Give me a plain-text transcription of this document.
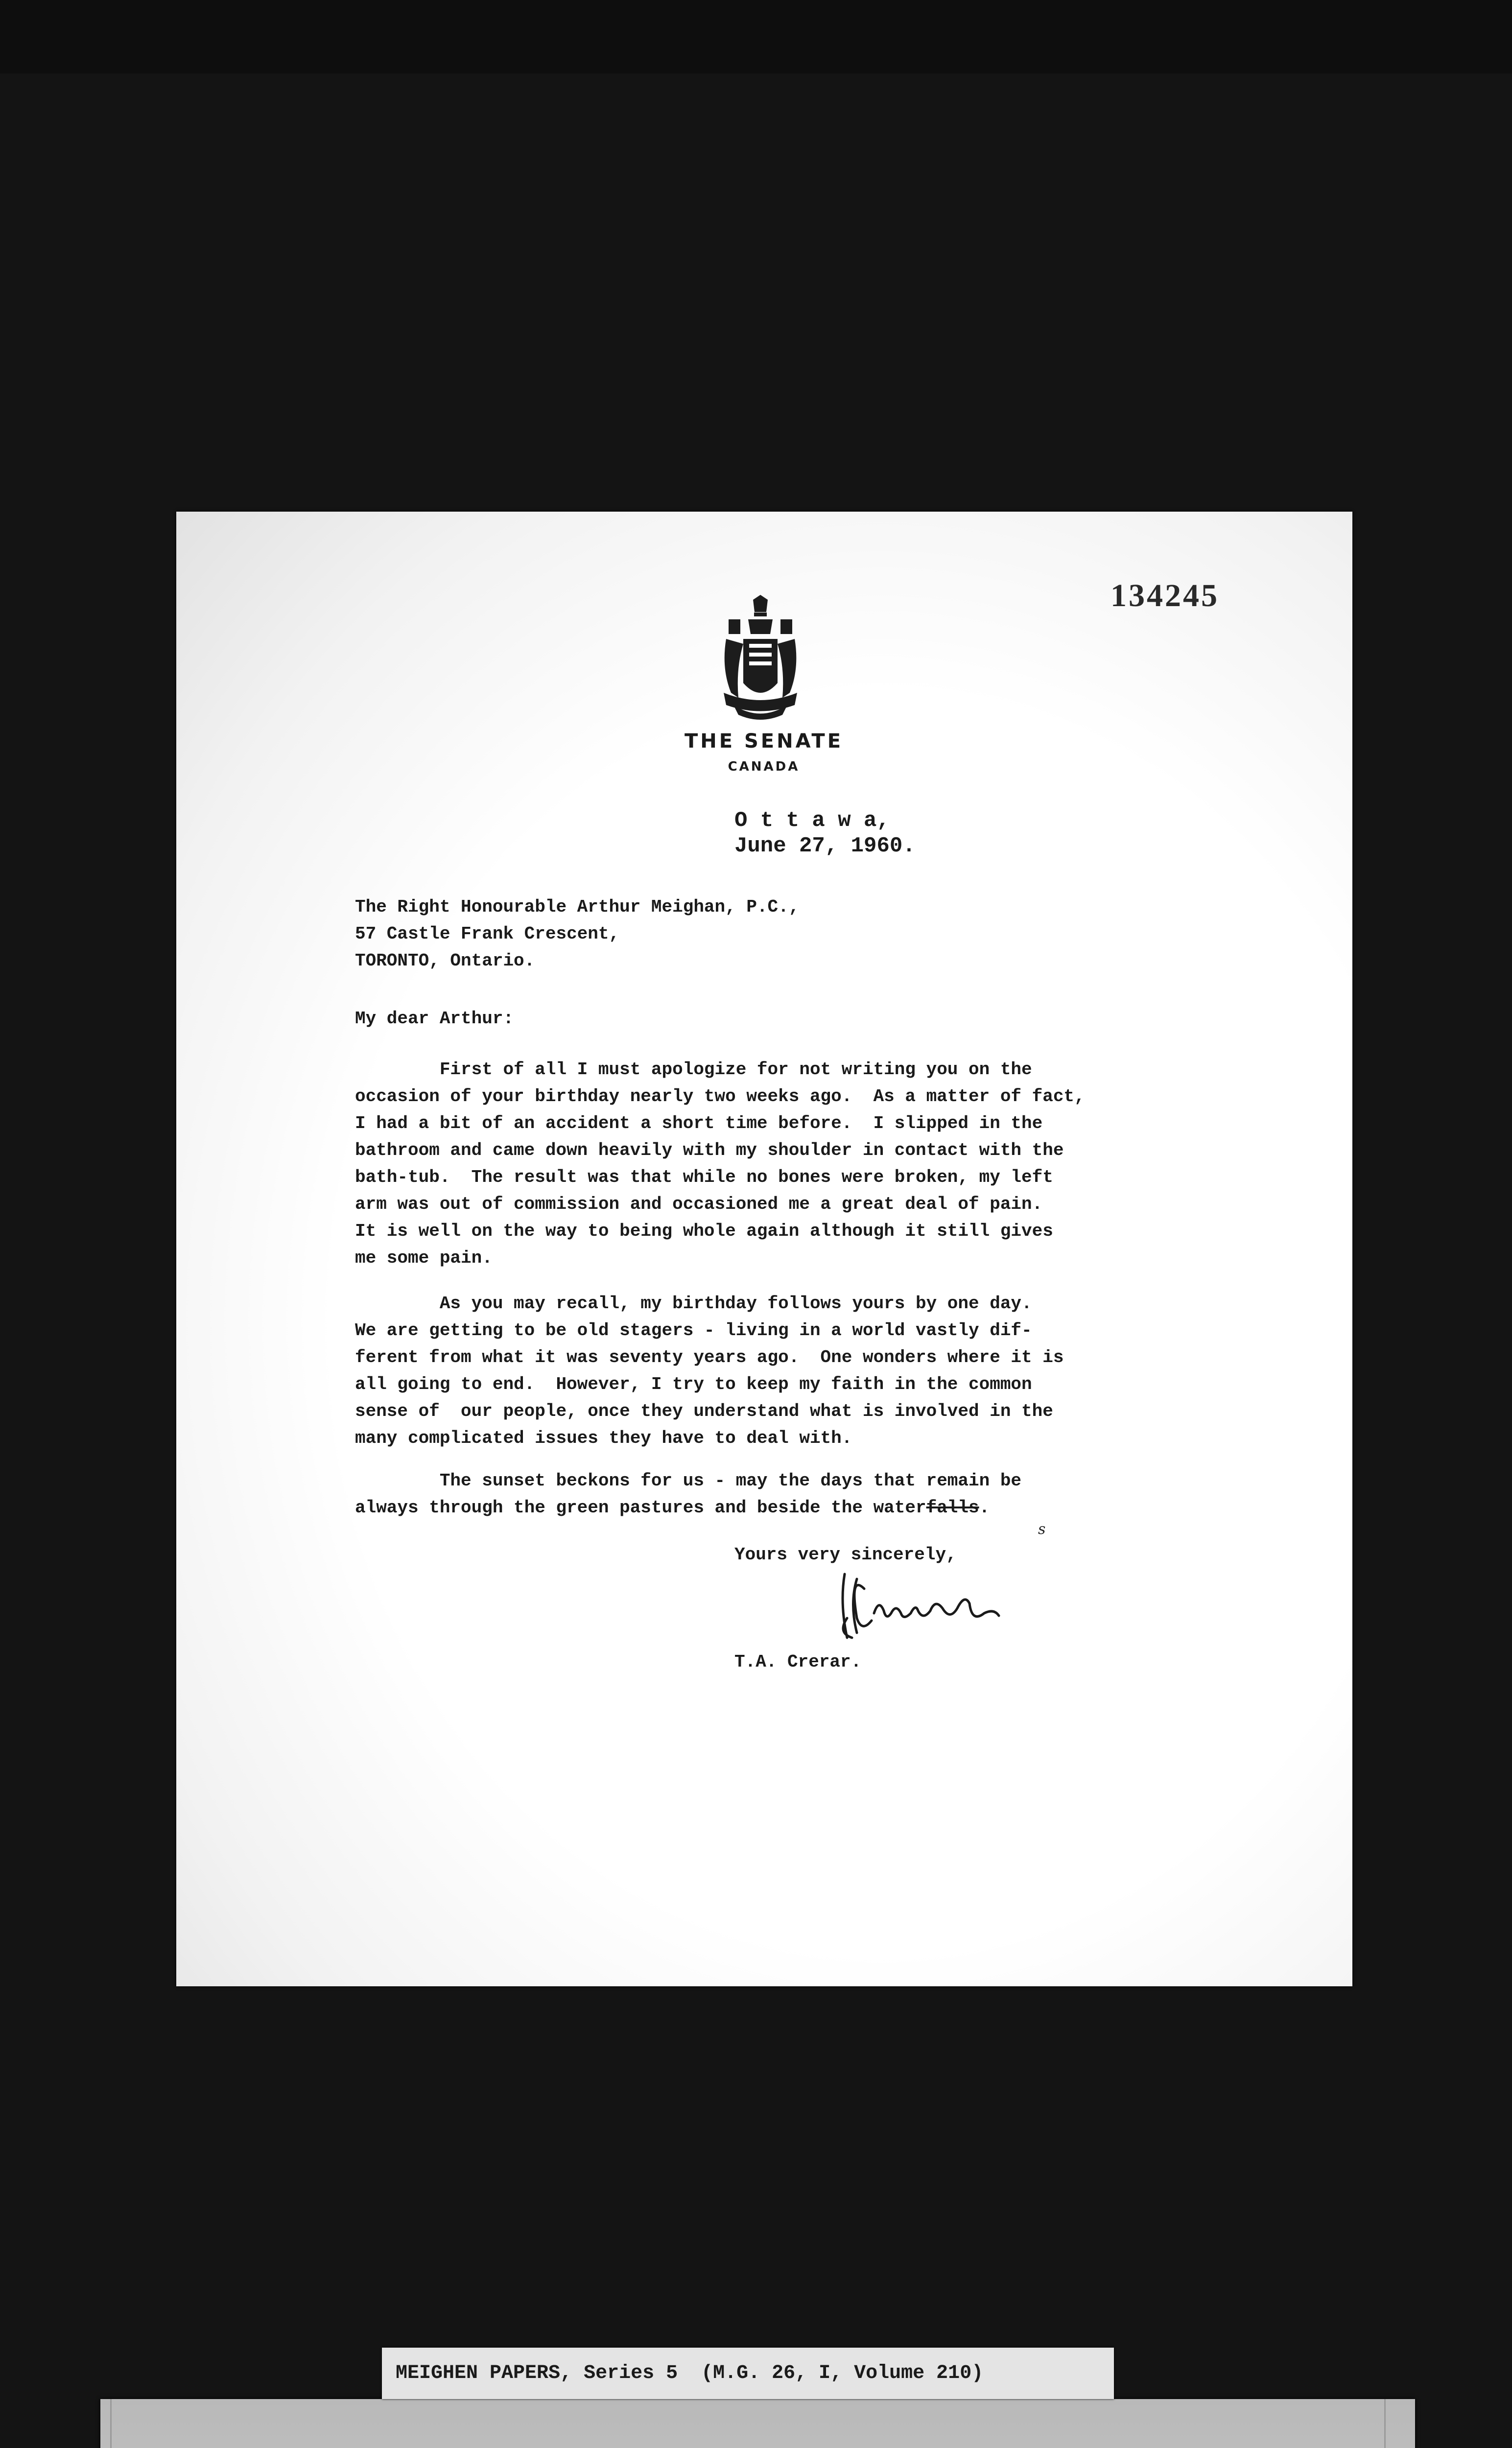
134245
THE SENATE
CANADA
O t t a w a,
June 27, 1960.
The Right Honourable Arthur Meighan, P.C.,
57 Castle Frank Crescent,
TORONTO, Ontario.
My dear Arthur:
First of all I must apologize for not writing you on the
occasion of your birthday nearly two weeks ago.  As a matter of fact,
I had a bit of an accident a short time before.  I slipped in the
bathroom and came down heavily with my shoulder in contact with the
bath-tub.  The result was that while no bones were broken, my left
arm was out of commission and occasioned me a great deal of pain.
It is well on the way to being whole again although it still gives
me some pain.
As you may recall, my birthday follows yours by one day.
We are getting to be old stagers - living in a world vastly dif-
ferent from what it was seventy years ago.  One wonders where it is
all going to end.  However, I try to keep my faith in the common
sense of  our people, once they understand what is involved in the
many complicated issues they have to deal with.
The sunset beckons for us - may the days that remain be
always through the green pastures and beside the waterfalls.
s
Yours very sincerely,
T.A. Crerar.
MEIGHEN PAPERS, Series 5  (M.G. 26, I, Volume 210)
